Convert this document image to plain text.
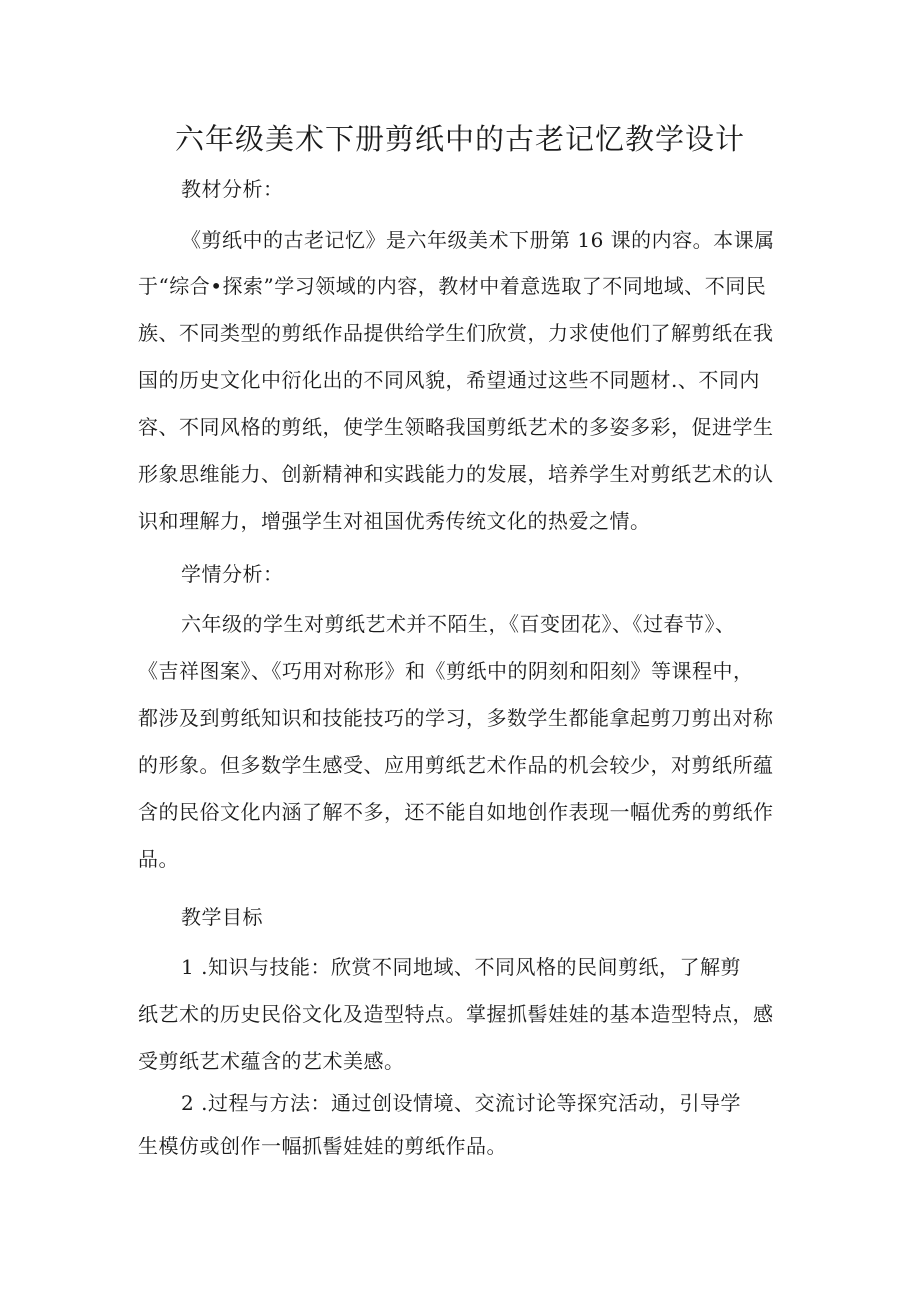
六年级美术下册剪纸中的古老记忆教学设计
教材分析：
《剪纸中的古老记忆》是六年级美术下册第 16 课的内容。本课属
于“综合•探索”学习领域的内容，教材中着意选取了不同地域、不同民
族、不同类型的剪纸作品提供给学生们欣赏，力求使他们了解剪纸在我
国的历史文化中衍化出的不同风貌，希望通过这些不同题材.、不同内
容、不同风格的剪纸，使学生领略我国剪纸艺术的多姿多彩，促进学生
形象思维能力、创新精神和实践能力的发展，培养学生对剪纸艺术的认
识和理解力，增强学生对祖国优秀传统文化的热爱之情。
学情分析：
六年级的学生对剪纸艺术并不陌生，《百变团花》、《过春节》、
《吉祥图案》、《巧用对称形》和《剪纸中的阴刻和阳刻》等课程中，
都涉及到剪纸知识和技能技巧的学习，多数学生都能拿起剪刀剪出对称
的形象。但多数学生感受、应用剪纸艺术作品的机会较少，对剪纸所蕴
含的民俗文化内涵了解不多，还不能自如地创作表现一幅优秀的剪纸作
品。
教学目标
1 .知识与技能：欣赏不同地域、不同风格的民间剪纸，了解剪
纸艺术的历史民俗文化及造型特点。掌握抓髻娃娃的基本造型特点，感
受剪纸艺术蕴含的艺术美感。
2 .过程与方法：通过创设情境、交流讨论等探究活动，引导学
生模仿或创作一幅抓髻娃娃的剪纸作品。
